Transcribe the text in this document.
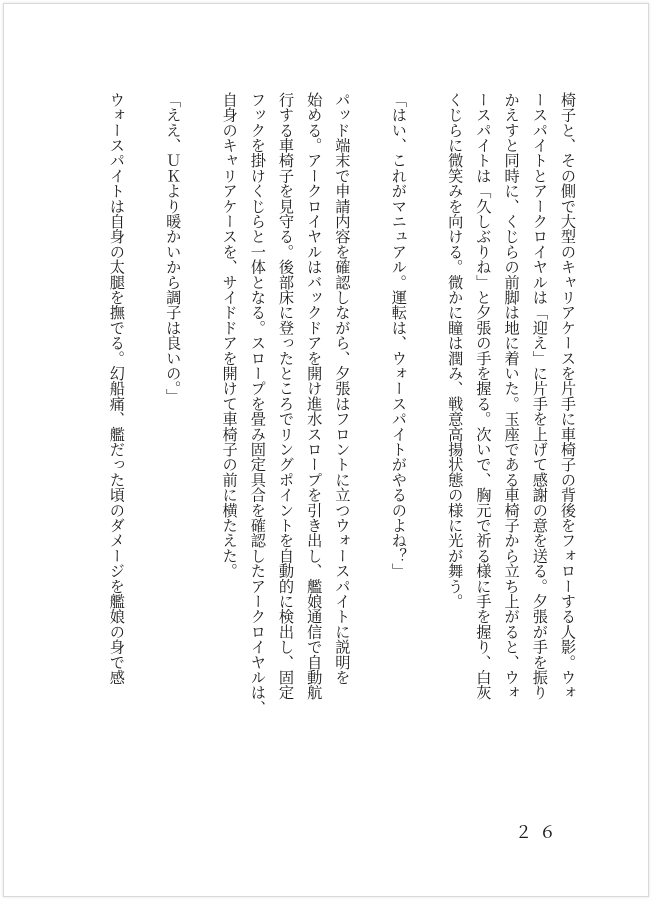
椅子と、その側で大型のキャリアケースを片手に車椅子の背後をフォローする人影。ウォ

ースパイトとアークロイヤルは「迎え」に片手を上げて感謝の意を送る。夕張が手を振り

かえすと同時に、くじらの前脚は地に着いた。玉座である車椅子から立ち上がると、ウォ

ースパイトは「久しぶりね」と夕張の手を握る。次いで、胸元で祈る様に手を握り、白灰

くじらに微笑みを向ける。微かに瞳は潤み、戦意高揚状態の様に光が舞う。

「はい、これがマニュアル。運転は、ウォースパイトがやるのよね？」

パッド端末で申請内容を確認しながら、夕張はフロントに立つウォースパイトに説明を

始める。アークロイヤルはバックドアを開け進水スロープを引き出し、艦娘通信で自動航

行する車椅子を見守る。後部床に登ったところでリングポイントを自動的に検出し、固定

フックを掛けくじらと一体となる。スロープを畳み固定具合を確認したアークロイヤルは、

自身のキャリアケースを、サイドドアを開けて車椅子の前に横たえた。

「ええ、ＵＫより暖かいから調子は良いの。」

ウォースパイトは自身の太腿を撫でる。幻船痛、艦だった頃のダメージを艦娘の身で感

２６
